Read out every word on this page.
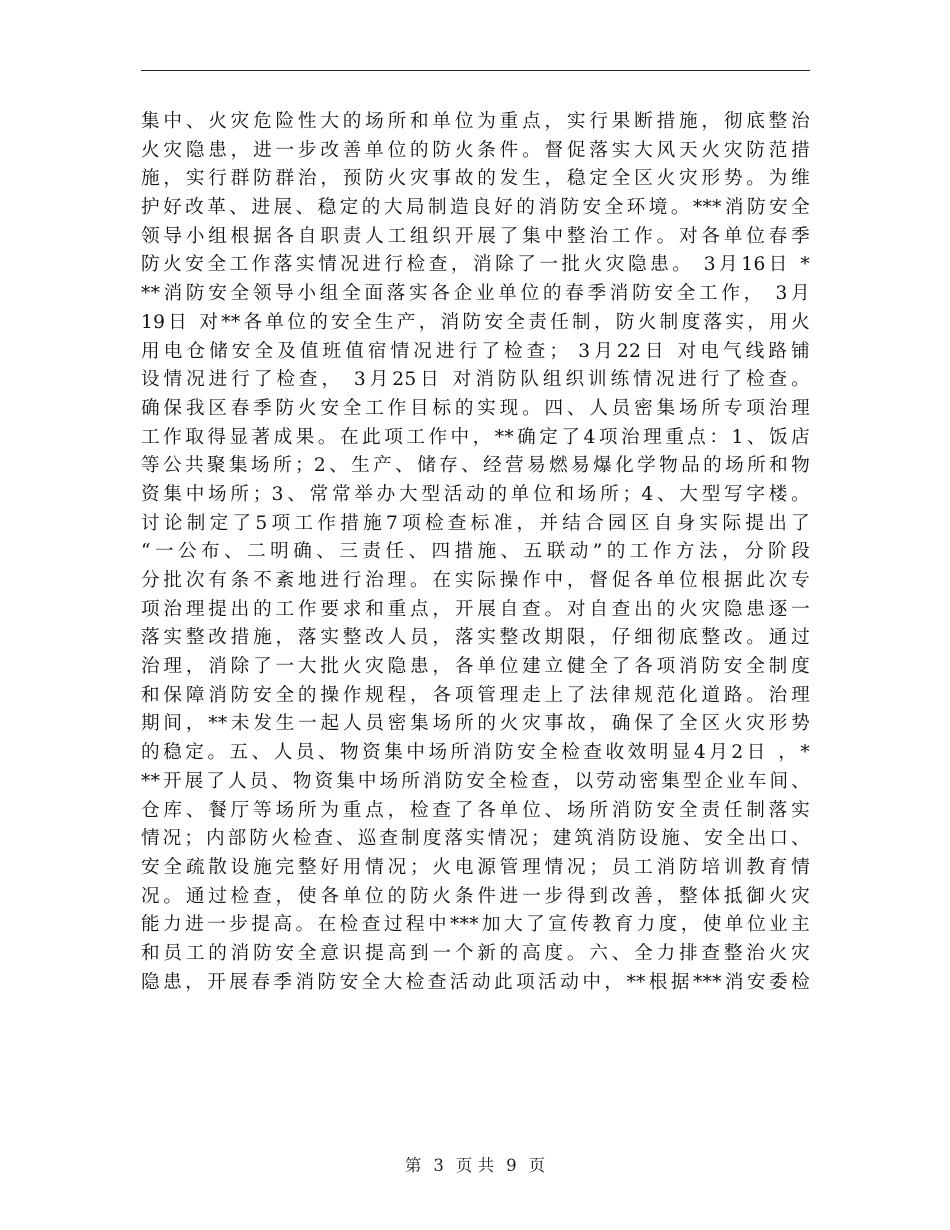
集中、火灾危险性大的场所和单位为重点，实行果断措施，彻底整治
火灾隐患，进一步改善单位的防火条件。督促落实大风天火灾防范措
施，实行群防群治，预防火灾事故的发生，稳定全区火灾形势。为维
护好改革、进展、稳定的大局制造良好的消防安全环境。***消防安全
领导小组根据各自职责人工组织开展了集中整治工作。对各单位春季
防火安全工作落实情况进行检查，消除了一批火灾隐患。 3月16日 *
**消防安全领导小组全面落实各企业单位的春季消防安全工作， 3月
19日 对**各单位的安全生产，消防安全责任制，防火制度落实，用火
用电仓储安全及值班值宿情况进行了检查； 3月22日 对电气线路铺
设情况进行了检查， 3月25日 对消防队组织训练情况进行了检查。
确保我区春季防火安全工作目标的实现。四、人员密集场所专项治理
工作取得显著成果。在此项工作中，**确定了4项治理重点：1、饭店
等公共聚集场所；2、生产、储存、经营易燃易爆化学物品的场所和物
资集中场所；3、常常举办大型活动的单位和场所；4、大型写字楼。
讨论制定了5项工作措施7项检查标准，并结合园区自身实际提出了
“一公布、二明确、三责任、四措施、五联动”的工作方法，分阶段
分批次有条不紊地进行治理。在实际操作中，督促各单位根据此次专
项治理提出的工作要求和重点，开展自查。对自查出的火灾隐患逐一
落实整改措施，落实整改人员，落实整改期限，仔细彻底整改。通过
治理，消除了一大批火灾隐患，各单位建立健全了各项消防安全制度
和保障消防安全的操作规程，各项管理走上了法律规范化道路。治理
期间，**未发生一起人员密集场所的火灾事故，确保了全区火灾形势
的稳定。五、人员、物资集中场所消防安全检查收效明显4月2日 ，*
**开展了人员、物资集中场所消防安全检查，以劳动密集型企业车间、
仓库、餐厅等场所为重点，检查了各单位、场所消防安全责任制落实
情况；内部防火检查、巡查制度落实情况；建筑消防设施、安全出口、
安全疏散设施完整好用情况；火电源管理情况；员工消防培训教育情
况。通过检查，使各单位的防火条件进一步得到改善，整体抵御火灾
能力进一步提高。在检查过程中***加大了宣传教育力度，使单位业主
和员工的消防安全意识提高到一个新的高度。六、全力排查整治火灾
隐患，开展春季消防安全大检查活动此项活动中，**根据***消安委检
第 3 页 共 9 页
